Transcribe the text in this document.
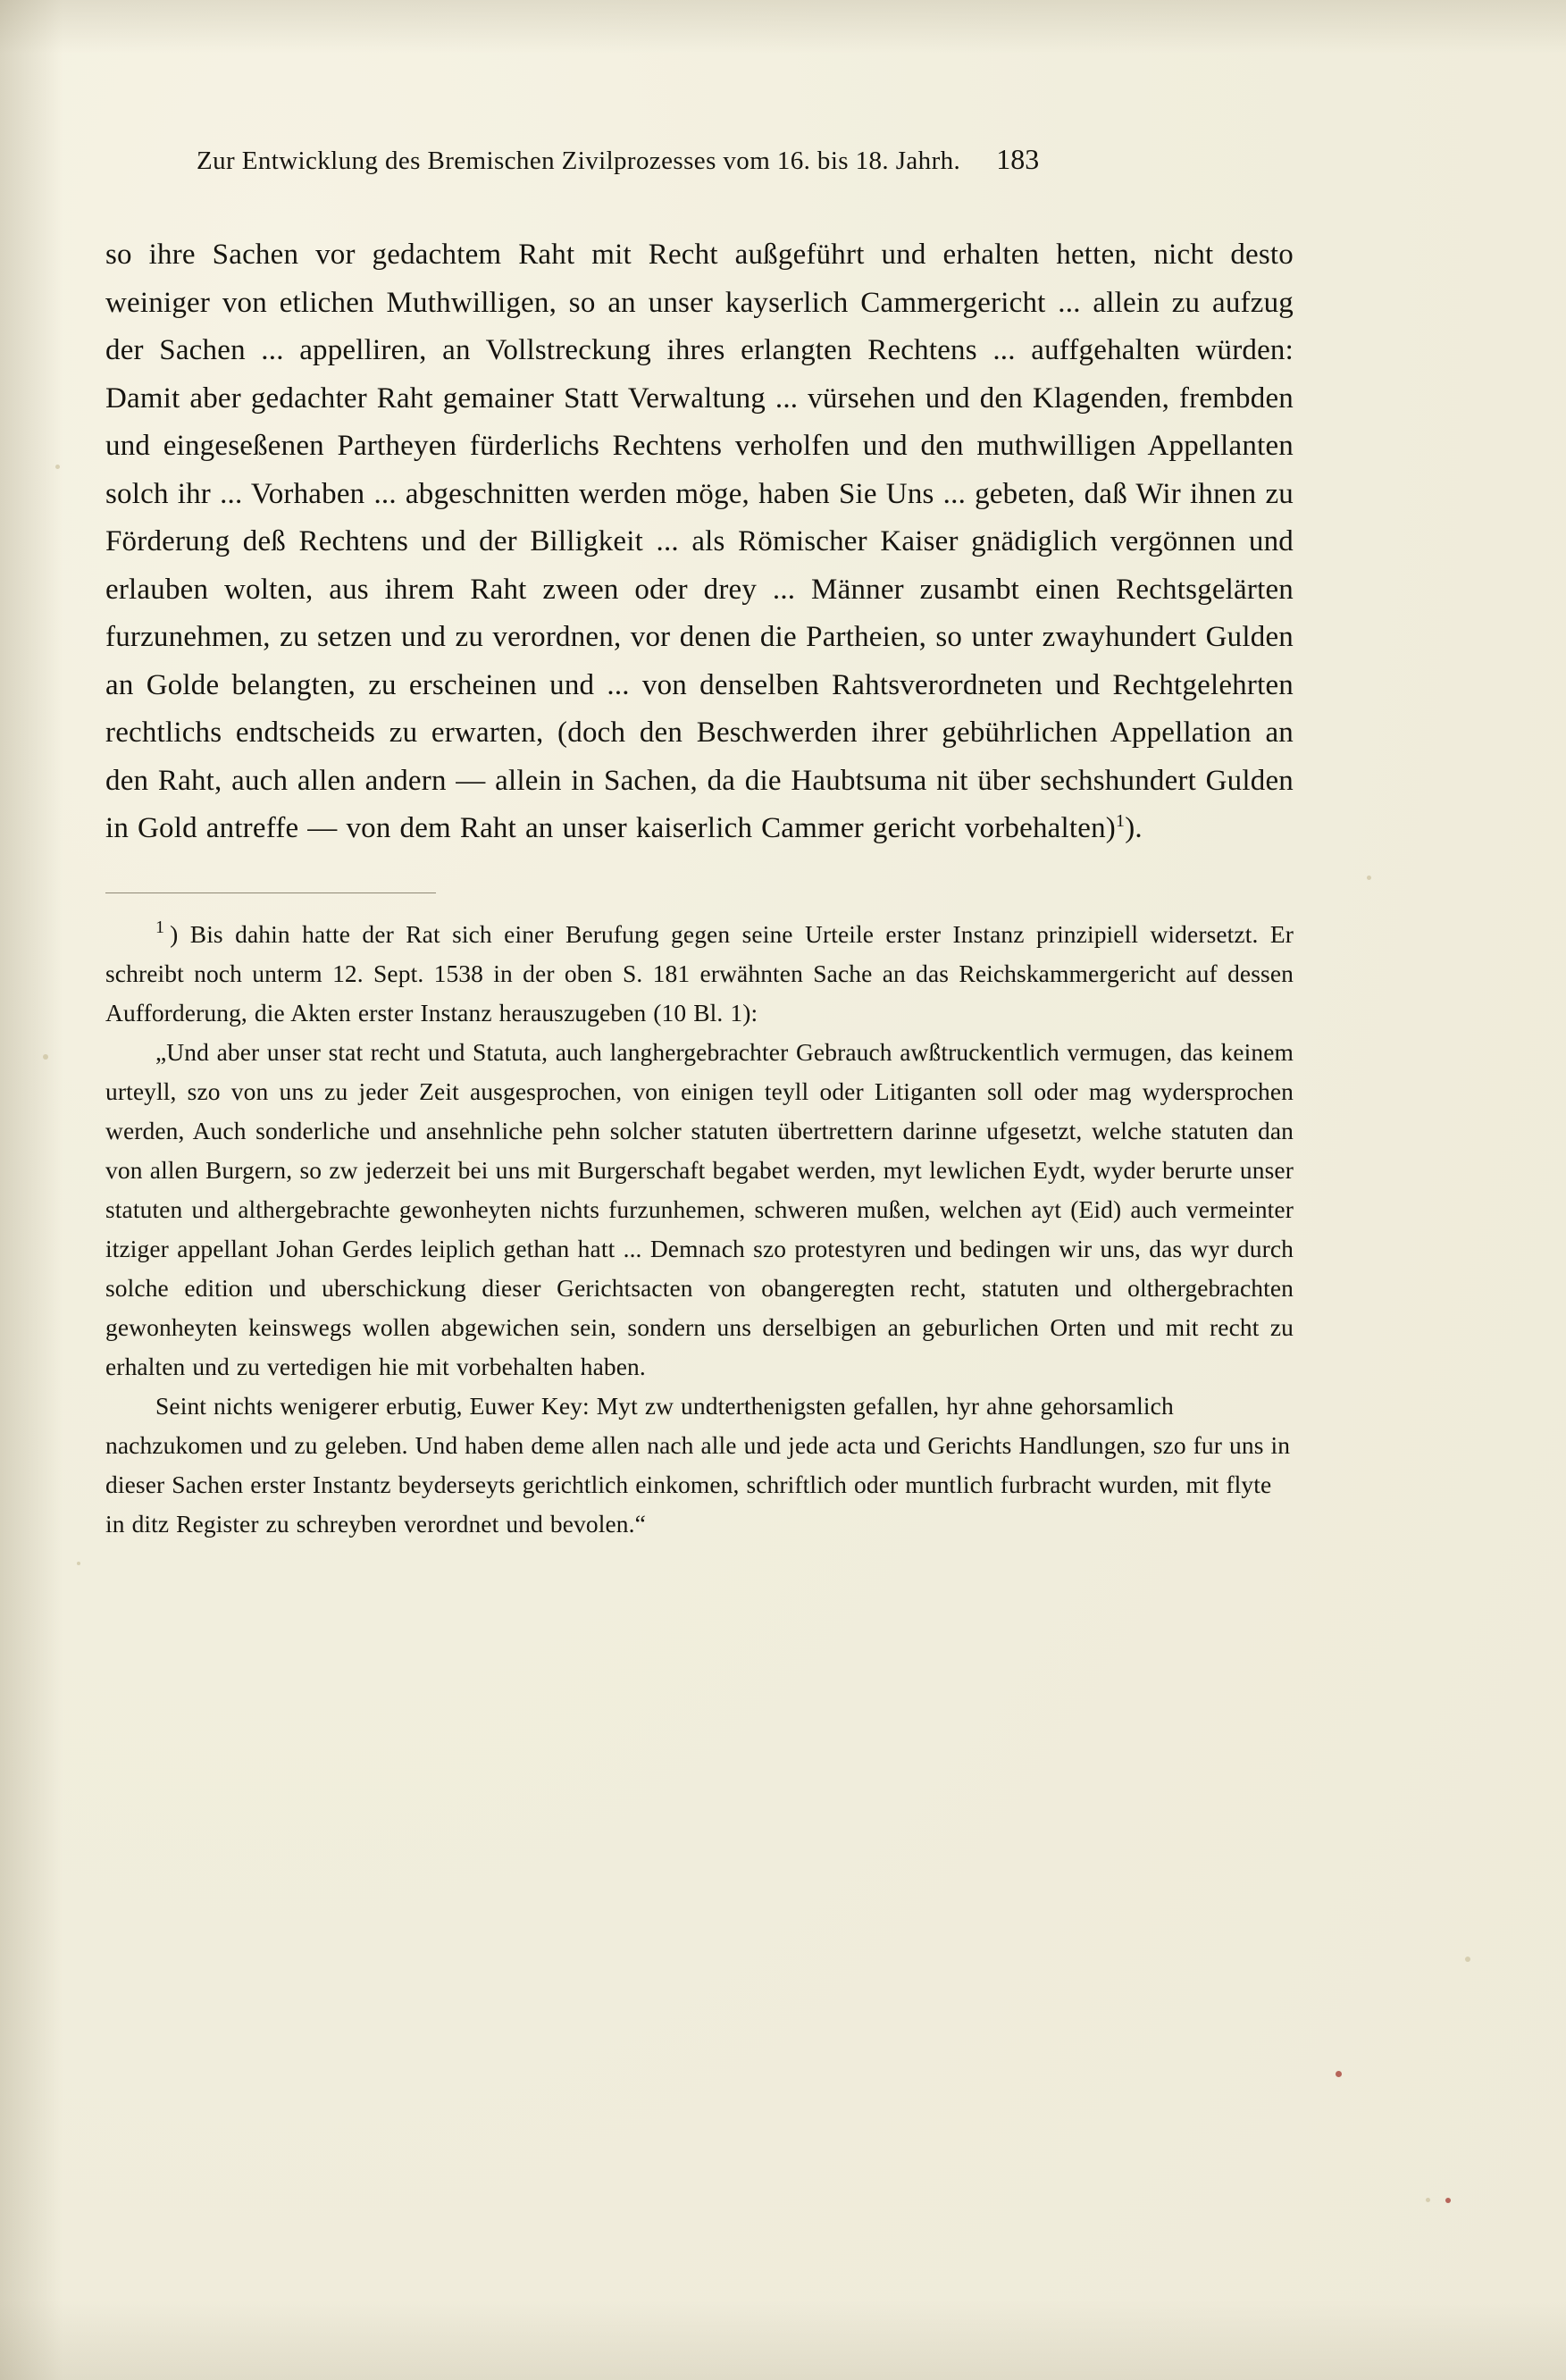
Zur Entwicklung des Bremischen Zivilprozesses vom 16. bis 18. Jahrh. 183

so ihre Sachen vor gedachtem Raht mit Recht außgeführt und erhalten hetten, nicht desto weiniger von etlichen Muthwilligen, so an unser kayserlich Cammergericht ... allein zu aufzug der Sachen ... appelliren, an Vollstreckung ihres erlangten Rechtens ... auffgehalten würden: Damit aber gedachter Raht gemainer Statt Verwaltung ... vürsehen und den Klagenden, frembden und eingeseßenen Partheyen fürderlichs Rechtens verholfen und den muthwilligen Appellanten solch ihr ... Vorhaben ... abgeschnitten werden möge, haben Sie Uns ... gebeten, daß Wir ihnen zu Förderung deß Rechtens und der Billigkeit ... als Römischer Kaiser gnädiglich vergönnen und erlauben wolten, aus ihrem Raht zween oder drey ... Männer zusambt einen Rechtsgelärten furzunehmen, zu setzen und zu verordnen, vor denen die Partheien, so unter zwayhundert Gulden an Golde belangten, zu erscheinen und ... von denselben Rahtsverordneten und Rechtgelehrten rechtlichs endtscheids zu erwarten, (doch den Beschwerden ihrer gebührlichen Appellation an den Raht, auch allen andern — allein in Sachen, da die Haubtsuma nit über sechshundert Gulden in Gold antreffe — von dem Raht an unser kaiserlich Cammer gericht vorbehalten)$^1$).

$^1$ ) Bis dahin hatte der Rat sich einer Berufung gegen seine Urteile erster Instanz prinzipiell widersetzt. Er schreibt noch unterm 12. Sept. 1538 in der oben S. 181 erwähnten Sache an das Reichskammergericht auf dessen Aufforderung, die Akten erster Instanz herauszugeben (10 Bl. 1):

„Und aber unser stat recht und Statuta, auch langhergebrachter Gebrauch awßtruckentlich vermugen, das keinem urteyll, szo von uns zu jeder Zeit ausgesprochen, von einigen teyll oder Litiganten soll oder mag wydersprochen werden, Auch sonderliche und ansehnliche pehn solcher statuten übertrettern darinne ufgesetzt, welche statuten dan von allen Burgern, so zw jederzeit bei uns mit Burgerschaft begabet werden, myt lewlichen Eydt, wyder berurte unser statuten und althergebrachte gewonheyten nichts furzunhemen, schweren mußen, welchen ayt (Eid) auch vermeinter itziger appellant Johan Gerdes leiplich gethan hatt ... Demnach szo protestyren und bedingen wir uns, das wyr durch solche edition und uberschickung dieser Gerichtsacten von obangeregten recht, statuten und olthergebrachten gewonheyten keinswegs wollen abgewichen sein, sondern uns derselbigen an geburlichen Orten und mit recht zu erhalten und zu vertedigen hie mit vorbehalten haben.

Seint nichts wenigerer erbutig, Euwer Key: Myt zw undterthenigsten gefallen, hyr ahne gehorsamlich nachzukomen und zu geleben. Und haben deme allen nach alle und jede acta und Gerichts Handlungen, szo fur uns in dieser Sachen erster Instantz beyderseyts gerichtlich einkomen, schriftlich oder muntlich furbracht wurden, mit flyte in ditz Register zu schreyben verordnet und bevolen.“
